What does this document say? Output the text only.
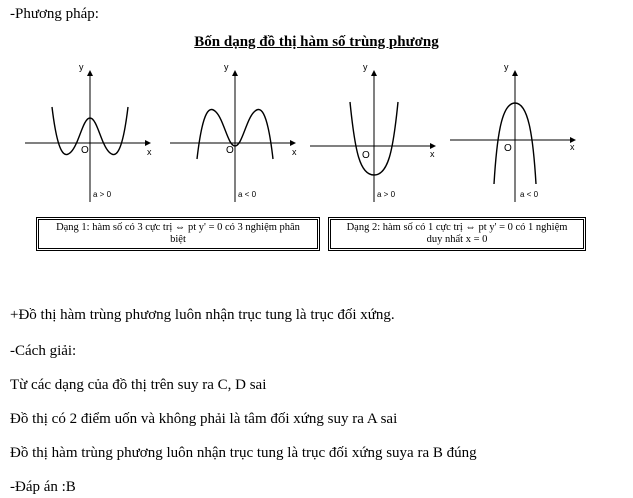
-Phương pháp:
Bốn dạng đồ thị hàm số trùng phương
y
x
O
a > 0
y
x
O
a < 0
y
x
O
a > 0
y
x
O
a < 0
Dạng 1: hàm số có 3 cực trị ⇔ pt y' = 0 có 3 nghiệm phân
biệt
Dạng 2: hàm số có 1 cực trị ⇔ pt y' = 0 có 1 nghiệm
duy nhất x = 0
+Đồ thị hàm trùng phương luôn nhận trục tung là trục đối xứng.
-Cách giải:
Từ các dạng của đồ thị trên suy ra C, D sai
Đồ thị có 2 điểm uốn và không phải là tâm đối xứng suy ra A sai
Đồ thị hàm trùng phương luôn nhận trục tung là trục đối xứng suya ra B đúng
-Đáp án :B
